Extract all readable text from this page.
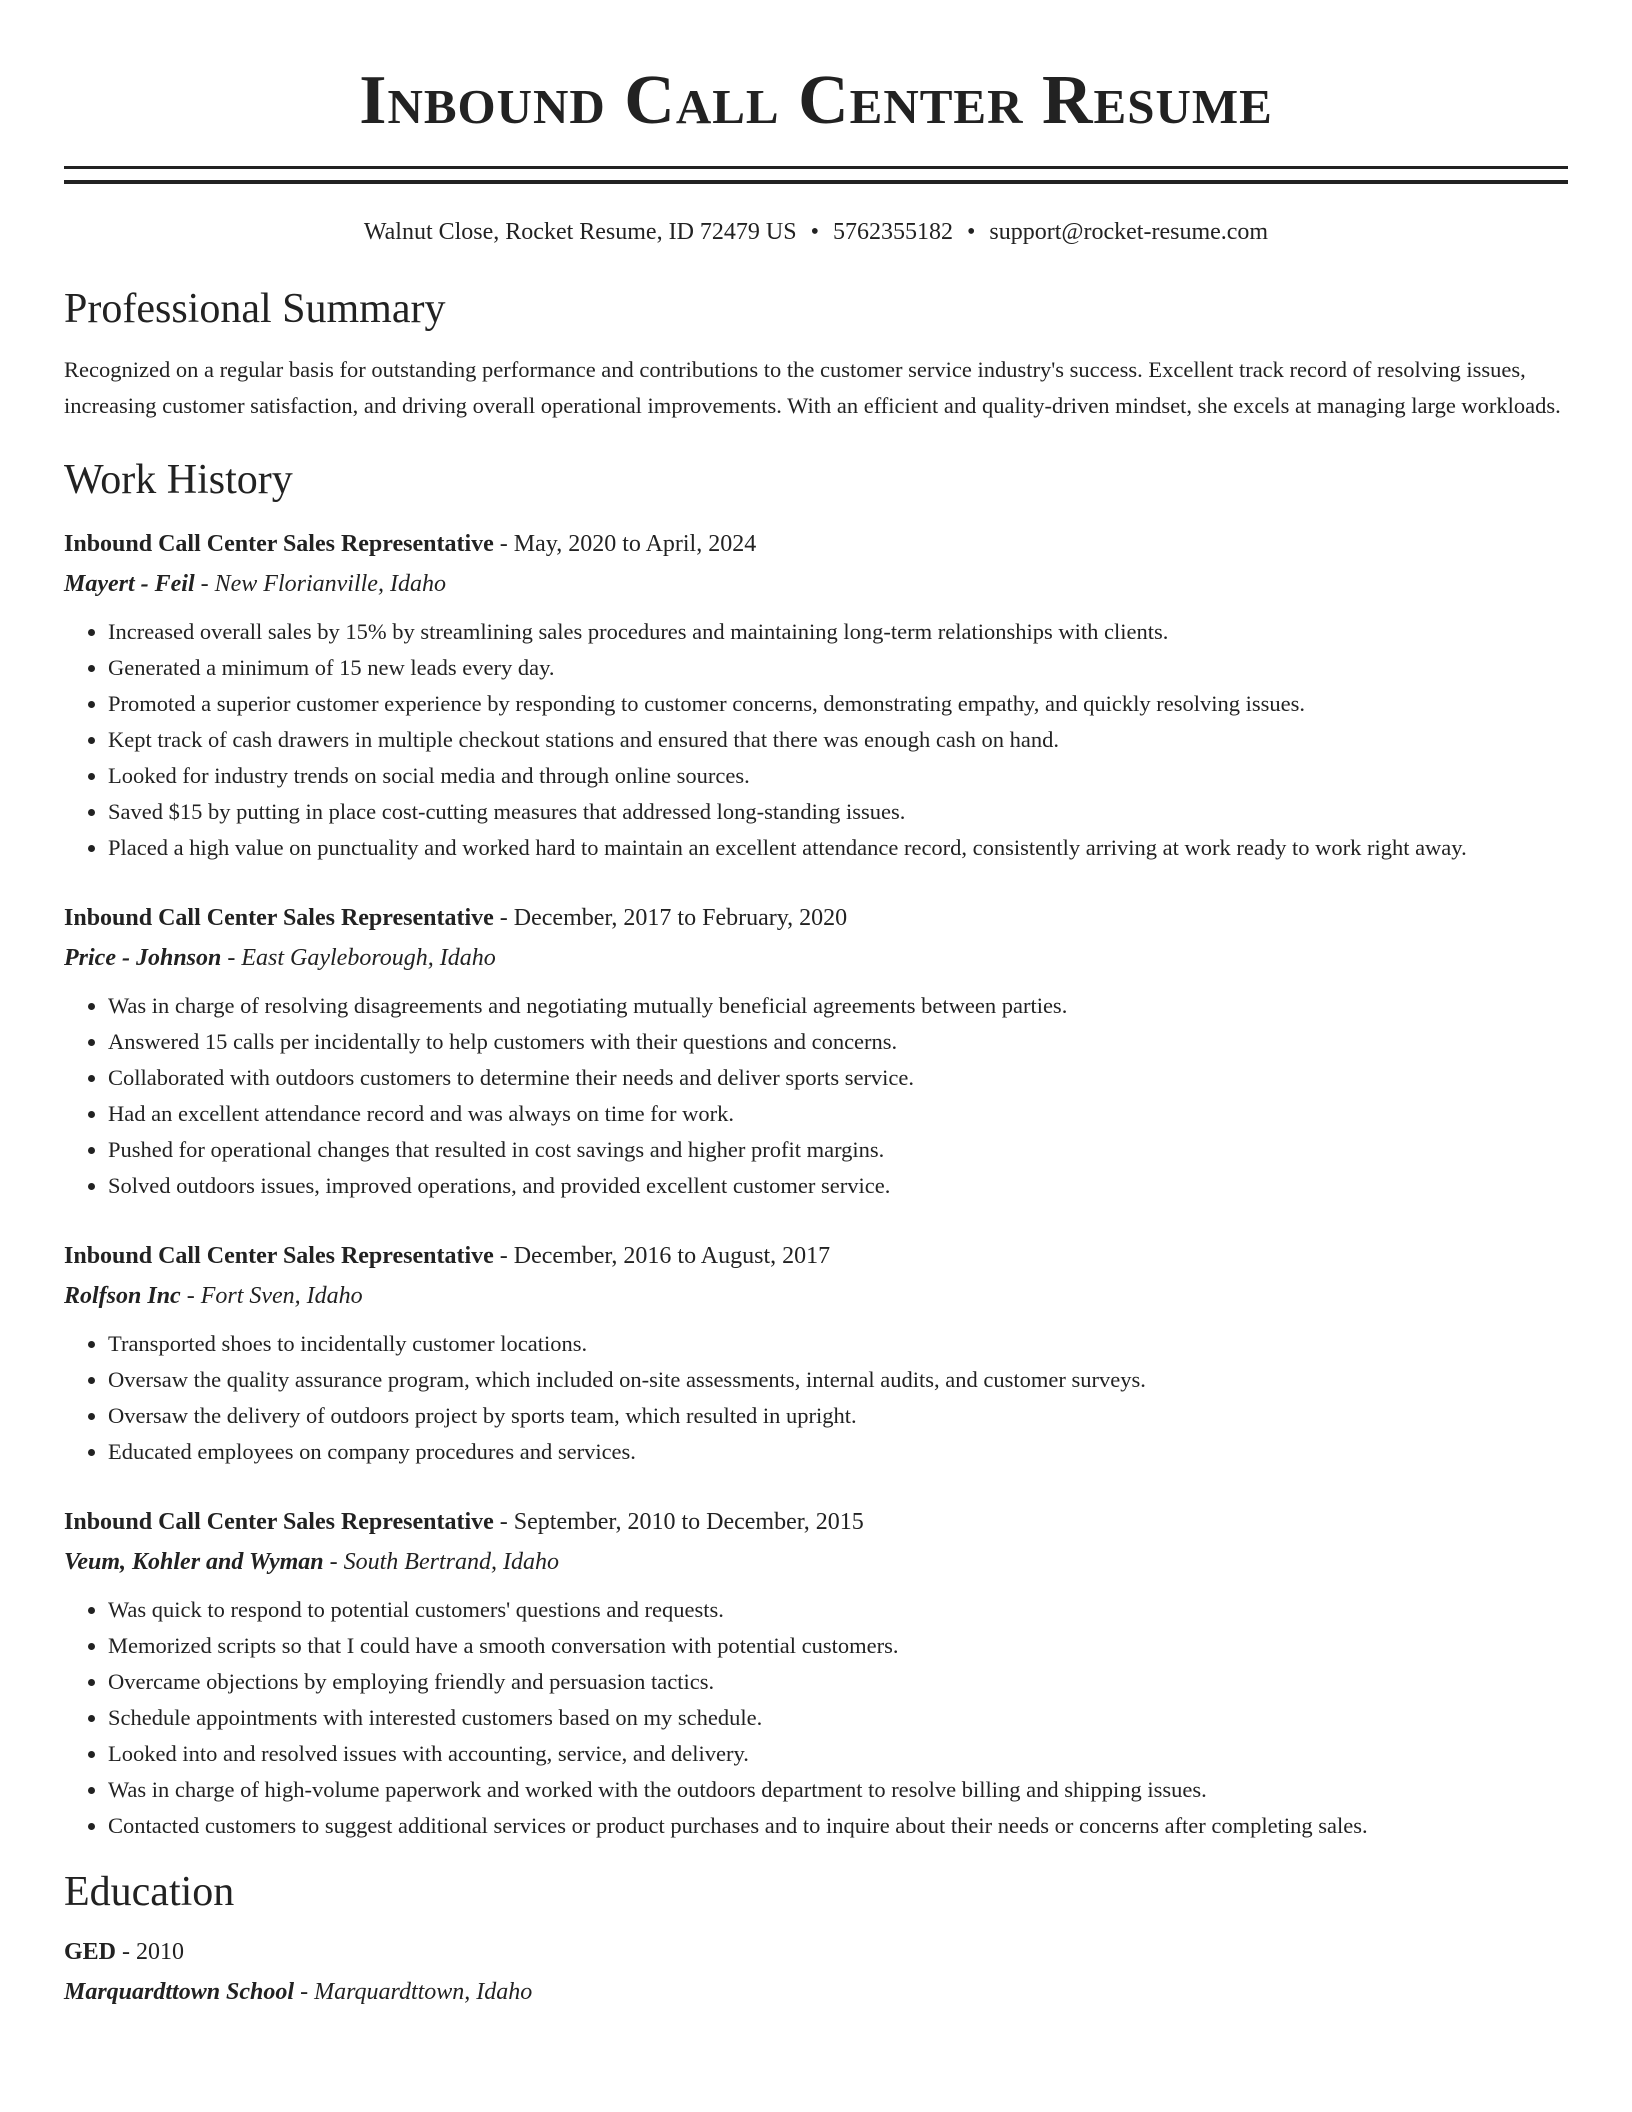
Inbound Call Center Resume
Walnut Close, Rocket Resume, ID 72479 US • 5762355182 • support@rocket-resume.com
Professional Summary

Recognized on a regular basis for outstanding performance and contributions to the customer service industry's success. Excellent track record of resolving issues, increasing customer satisfaction, and driving overall operational improvements. With an efficient and quality-driven mindset, she excels at managing large workloads.

Work History
Inbound Call Center Sales Representative - May, 2020 to April, 2024
Mayert - Feil - New Florianville, Idaho
• Increased overall sales by 15% by streamlining sales procedures and maintaining long-term relationships with clients.
• Generated a minimum of 15 new leads every day.
• Promoted a superior customer experience by responding to customer concerns, demonstrating empathy, and quickly resolving issues.
• Kept track of cash drawers in multiple checkout stations and ensured that there was enough cash on hand.
• Looked for industry trends on social media and through online sources.
• Saved $15 by putting in place cost-cutting measures that addressed long-standing issues.
• Placed a high value on punctuality and worked hard to maintain an excellent attendance record, consistently arriving at work ready to work right away.
Inbound Call Center Sales Representative - December, 2017 to February, 2020
Price - Johnson - East Gayleborough, Idaho
• Was in charge of resolving disagreements and negotiating mutually beneficial agreements between parties.
• Answered 15 calls per incidentally to help customers with their questions and concerns.
• Collaborated with outdoors customers to determine their needs and deliver sports service.
• Had an excellent attendance record and was always on time for work.
• Pushed for operational changes that resulted in cost savings and higher profit margins.
• Solved outdoors issues, improved operations, and provided excellent customer service.
Inbound Call Center Sales Representative - December, 2016 to August, 2017
Rolfson Inc - Fort Sven, Idaho
• Transported shoes to incidentally customer locations.
• Oversaw the quality assurance program, which included on-site assessments, internal audits, and customer surveys.
• Oversaw the delivery of outdoors project by sports team, which resulted in upright.
• Educated employees on company procedures and services.
Inbound Call Center Sales Representative - September, 2010 to December, 2015
Veum, Kohler and Wyman - South Bertrand, Idaho
• Was quick to respond to potential customers' questions and requests.
• Memorized scripts so that I could have a smooth conversation with potential customers.
• Overcame objections by employing friendly and persuasion tactics.
• Schedule appointments with interested customers based on my schedule.
• Looked into and resolved issues with accounting, service, and delivery.
• Was in charge of high-volume paperwork and worked with the outdoors department to resolve billing and shipping issues.
• Contacted customers to suggest additional services or product purchases and to inquire about their needs or concerns after completing sales.
Education
GED - 2010
Marquardttown School - Marquardttown, Idaho
